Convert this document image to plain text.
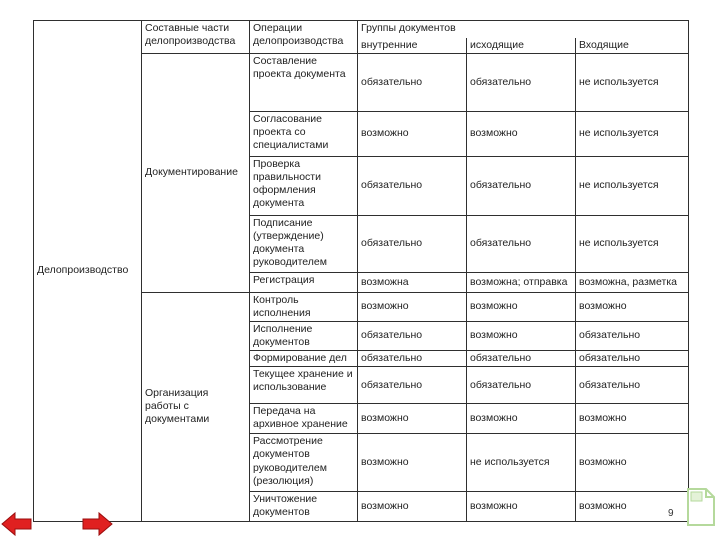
Делопроизводство	Составные части делопроизводства	Операции делопроизводства	Группы документов		
			внутренние	исходящие	Входящие
	Документирование	Составление проекта документа	обязательно	обязательно	не используется
		Согласование проекта со специалистами	возможно	возможно	не используется
		Проверка правильности оформления документа	обязательно	обязательно	не используется
		Подписание (утверждение) документа руководителем	обязательно	обязательно	не используется
		Регистрация	возможна	возможна; отправка	возможна, разметка
	Организация работы с документами	Контроль исполнения	возможно	возможно	возможно
		Исполнение документов	обязательно	возможно	обязательно
		Формирование дел	обязательно	обязательно	обязательно
		Текущее хранение и использование	обязательно	обязательно	обязательно
		Передача на архивное хранение	возможно	возможно	возможно
		Рассмотрение документов руководителем (резолюция)	возможно	не используется	возможно
		Уничтожение документов	возможно	возможно	возможно
9
